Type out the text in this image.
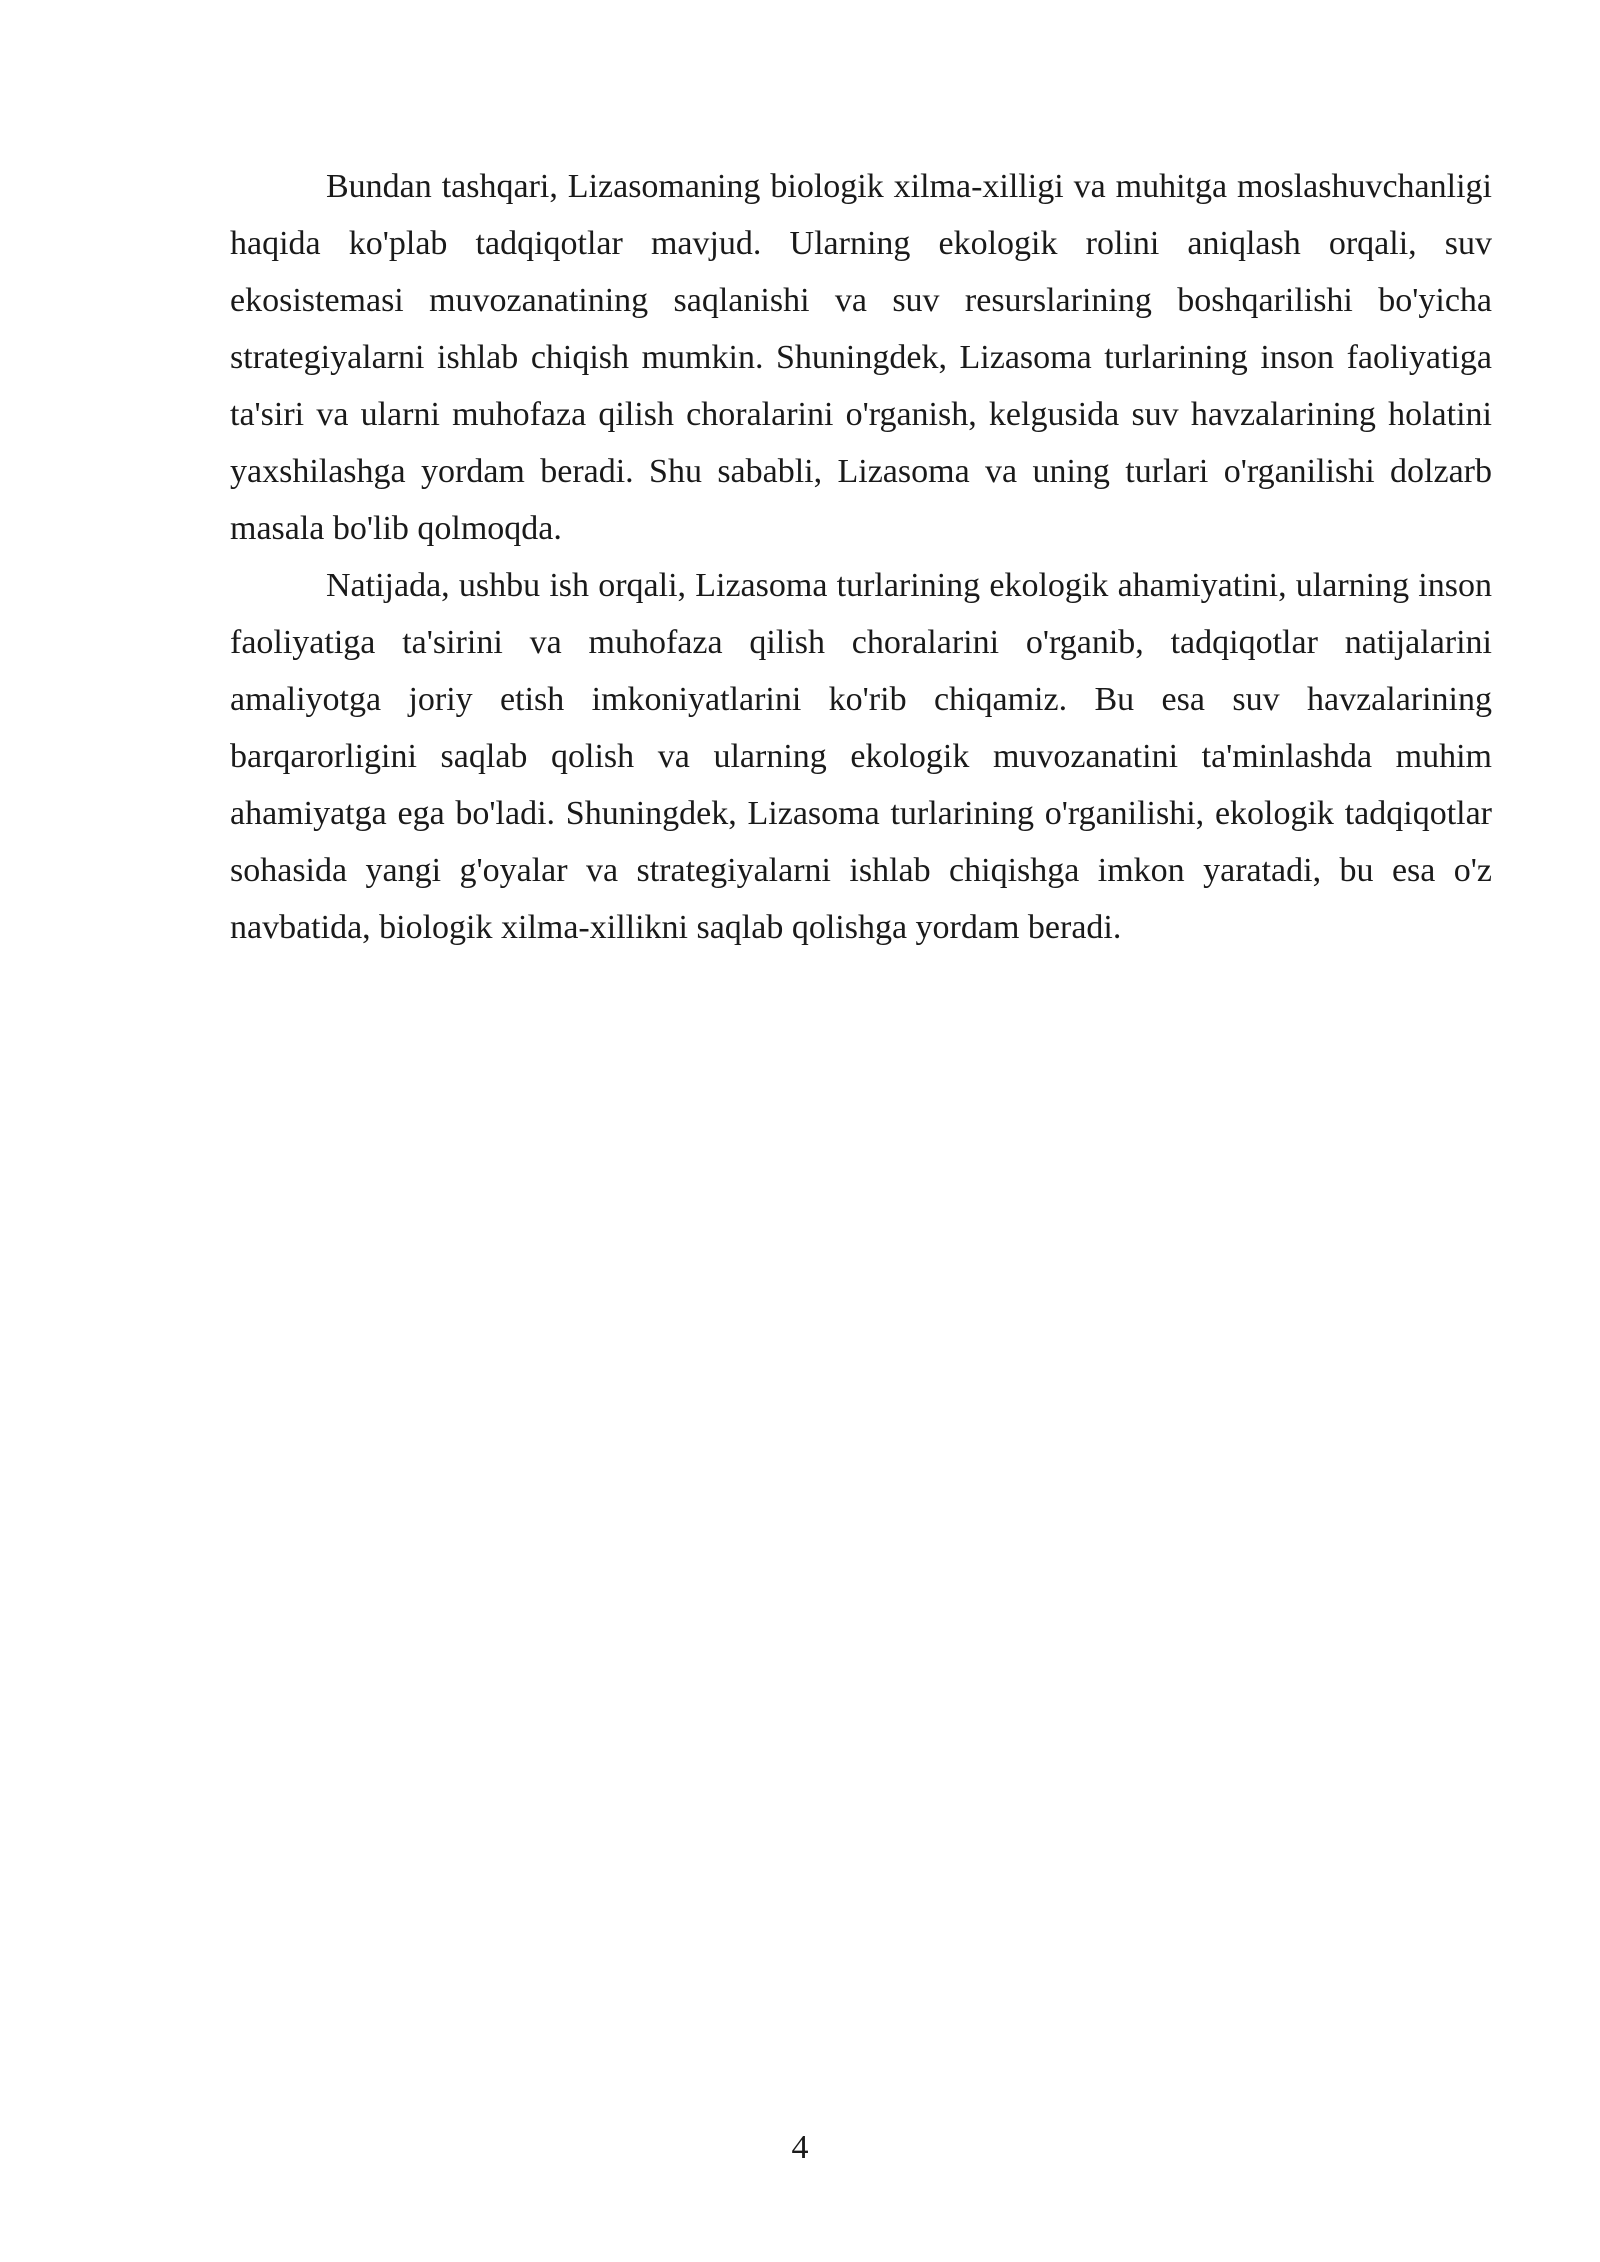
Bundan tashqari, Lizasomaning biologik xilma-xilligi va muhitga moslashuvchanligi haqida ko'plab tadqiqotlar mavjud. Ularning ekologik rolini aniqlash orqali, suv ekosistemasi muvozanatining saqlanishi va suv resurslarining boshqarilishi bo'yicha strategiyalarni ishlab chiqish mumkin. Shuningdek, Lizasoma turlarining inson faoliyatiga ta'siri va ularni muhofaza qilish choralarini o'rganish, kelgusida suv havzalarining holatini yaxshilashga yordam beradi. Shu sababli, Lizasoma va uning turlari o'rganilishi dolzarb masala bo'lib qolmoqda.

Natijada, ushbu ish orqali, Lizasoma turlarining ekologik ahamiyatini, ularning inson faoliyatiga ta'sirini va muhofaza qilish choralarini o'rganib, tadqiqotlar natijalarini amaliyotga joriy etish imkoniyatlarini ko'rib chiqamiz. Bu esa suv havzalarining barqarorligini saqlab qolish va ularning ekologik muvozanatini ta'minlashda muhim ahamiyatga ega bo'ladi. Shuningdek, Lizasoma turlarining o'rganilishi, ekologik tadqiqotlar sohasida yangi g'oyalar va strategiyalarni ishlab chiqishga imkon yaratadi, bu esa o'z navbatida, biologik xilma-xillikni saqlab qolishga yordam beradi.

4
